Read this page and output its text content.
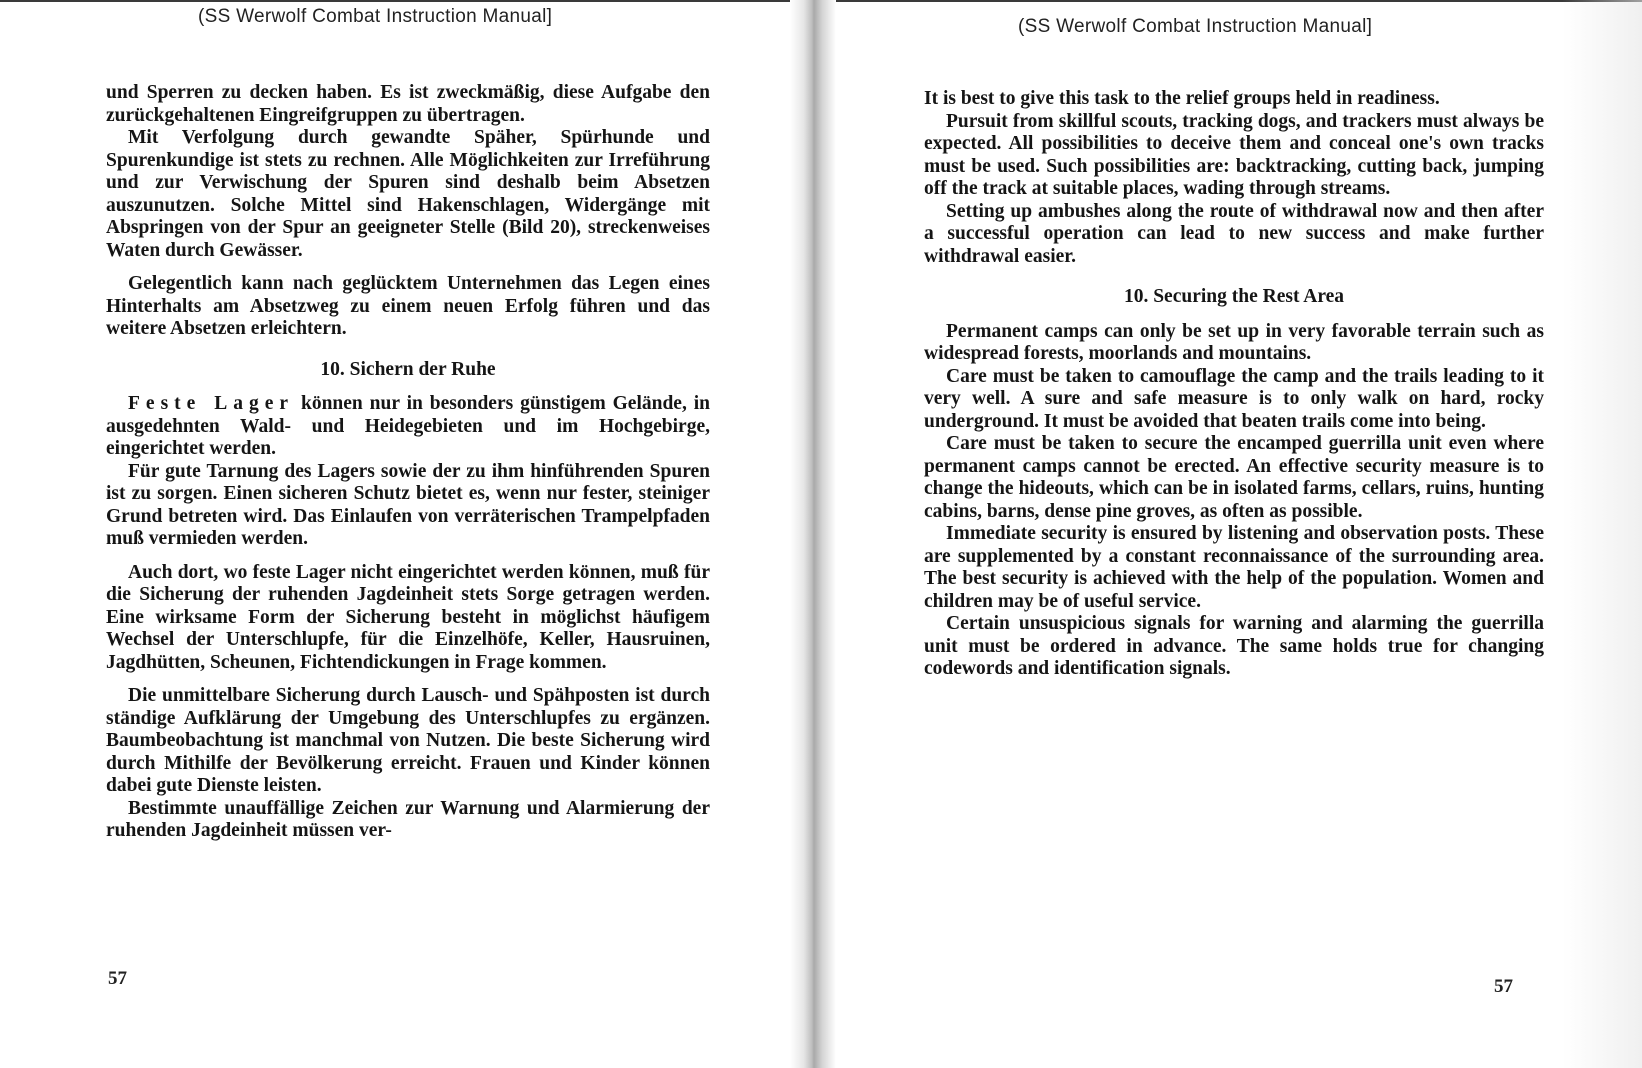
(SS Werwolf Combat Instruction Manual]

und Sperren zu decken haben. Es ist zweckmäßig, diese Aufgabe den zurückgehaltenen Eingreifgruppen zu übertragen.

Mit Verfolgung durch gewandte Späher, Spürhunde und Spurenkundige ist stets zu rechnen. Alle Möglichkeiten zur Irreführung und zur Verwischung der Spuren sind deshalb beim Absetzen auszunutzen. Solche Mittel sind Hakenschlagen, Widergänge mit Abspringen von der Spur an geeigneter Stelle (Bild 20), streckenweises Waten durch Gewässer.

Gelegentlich kann nach geglücktem Unternehmen das Legen eines Hinterhalts am Absetzweg zu einem neuen Erfolg führen und das weitere Absetzen erleichtern.

10. Sichern der Ruhe

Feste Lager können nur in besonders günstigem Gelände, in ausgedehnten Wald- und Heidegebieten und im Hochgebirge, eingerichtet werden.

Für gute Tarnung des Lagers sowie der zu ihm hinführenden Spuren ist zu sorgen. Einen sicheren Schutz bietet es, wenn nur fester, steiniger Grund betreten wird. Das Einlaufen von verräterischen Trampelpfaden muß vermieden werden.

Auch dort, wo feste Lager nicht eingerichtet werden können, muß für die Sicherung der ruhenden Jagdeinheit stets Sorge getragen werden. Eine wirksame Form der Sicherung besteht in möglichst häufigem Wechsel der Unterschlupfe, für die Einzelhöfe, Keller, Hausruinen, Jagdhütten, Scheunen, Fichtendickungen in Frage kommen.

Die unmittelbare Sicherung durch Lausch- und Spähposten ist durch ständige Aufklärung der Umgebung des Unterschlupfes zu ergänzen. Baumbeobachtung ist manchmal von Nutzen. Die beste Sicherung wird durch Mithilfe der Bevölkerung erreicht. Frauen und Kinder können dabei gute Dienste leisten.

Bestimmte unauffällige Zeichen zur Warnung und Alarmierung der ruhenden Jagdeinheit müssen ver-

57
(SS Werwolf Combat Instruction Manual]

It is best to give this task to the relief groups held in readiness.

Pursuit from skillful scouts, tracking dogs, and trackers must always be expected. All possibilities to deceive them and conceal one's own tracks must be used. Such possibilities are: backtracking, cutting back, jumping off the track at suitable places, wading through streams.

Setting up ambushes along the route of withdrawal now and then after a successful operation can lead to new success and make further withdrawal easier.

10. Securing the Rest Area

Permanent camps can only be set up in very favorable terrain such as widespread forests, moorlands and mountains.

Care must be taken to camouflage the camp and the trails leading to it very well. A sure and safe measure is to only walk on hard, rocky underground. It must be avoided that beaten trails come into being.

Care must be taken to secure the encamped guerrilla unit even where permanent camps cannot be erected. An effective security measure is to change the hideouts, which can be in isolated farms, cellars, ruins, hunting cabins, barns, dense pine groves, as often as possible.

Immediate security is ensured by listening and observation posts. These are supplemented by a constant reconnaissance of the surrounding area. The best security is achieved with the help of the population. Women and children may be of useful service.

Certain unsuspicious signals for warning and alarming the guerrilla unit must be ordered in advance. The same holds true for changing codewords and identification signals.

57
